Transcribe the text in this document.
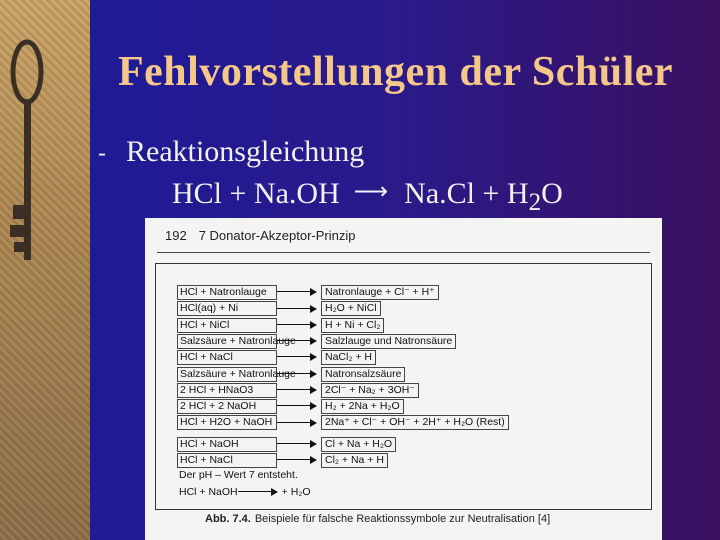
Fehlvorstellungen der Schüler
- Reaktionsgleichung
HCl + Na.OH ⟶ $Na.Cl + H_2O$
192 7 Donator-Akzeptor-Prinzip
HCl + Natronlauge	Natronlauge + Cl⁻ + H⁺
HCl(aq) + Ni	H₂O + NiCl
HCl + NiCl	H + Ni + Cl₂
Salzsäure + Natronlauge	Salzlauge und Natronsäure
HCl + NaCl	NaCl₂ + H
Salzsäure + Natronlauge	Natronsalzsäure
2 HCl + HNaO3	2Cl⁻ + Na₂ + 3OH⁻
2 HCl + 2 NaOH	H₂ + 2Na + H₂O
HCl + H2O + NaOH	2Na⁺ + Cl⁻ + OH⁻ + 2H⁺ + H₂O (Rest)
HCl + NaOH	Cl + Na + H₂O
HCl + NaCl	Cl₂ + Na + H
Der pH – Wert 7 entsteht.
HCl + NaOH	+ H₂O
Abb. 7.4. Beispiele für falsche Reaktionssymbole zur Neutralisation [4]
